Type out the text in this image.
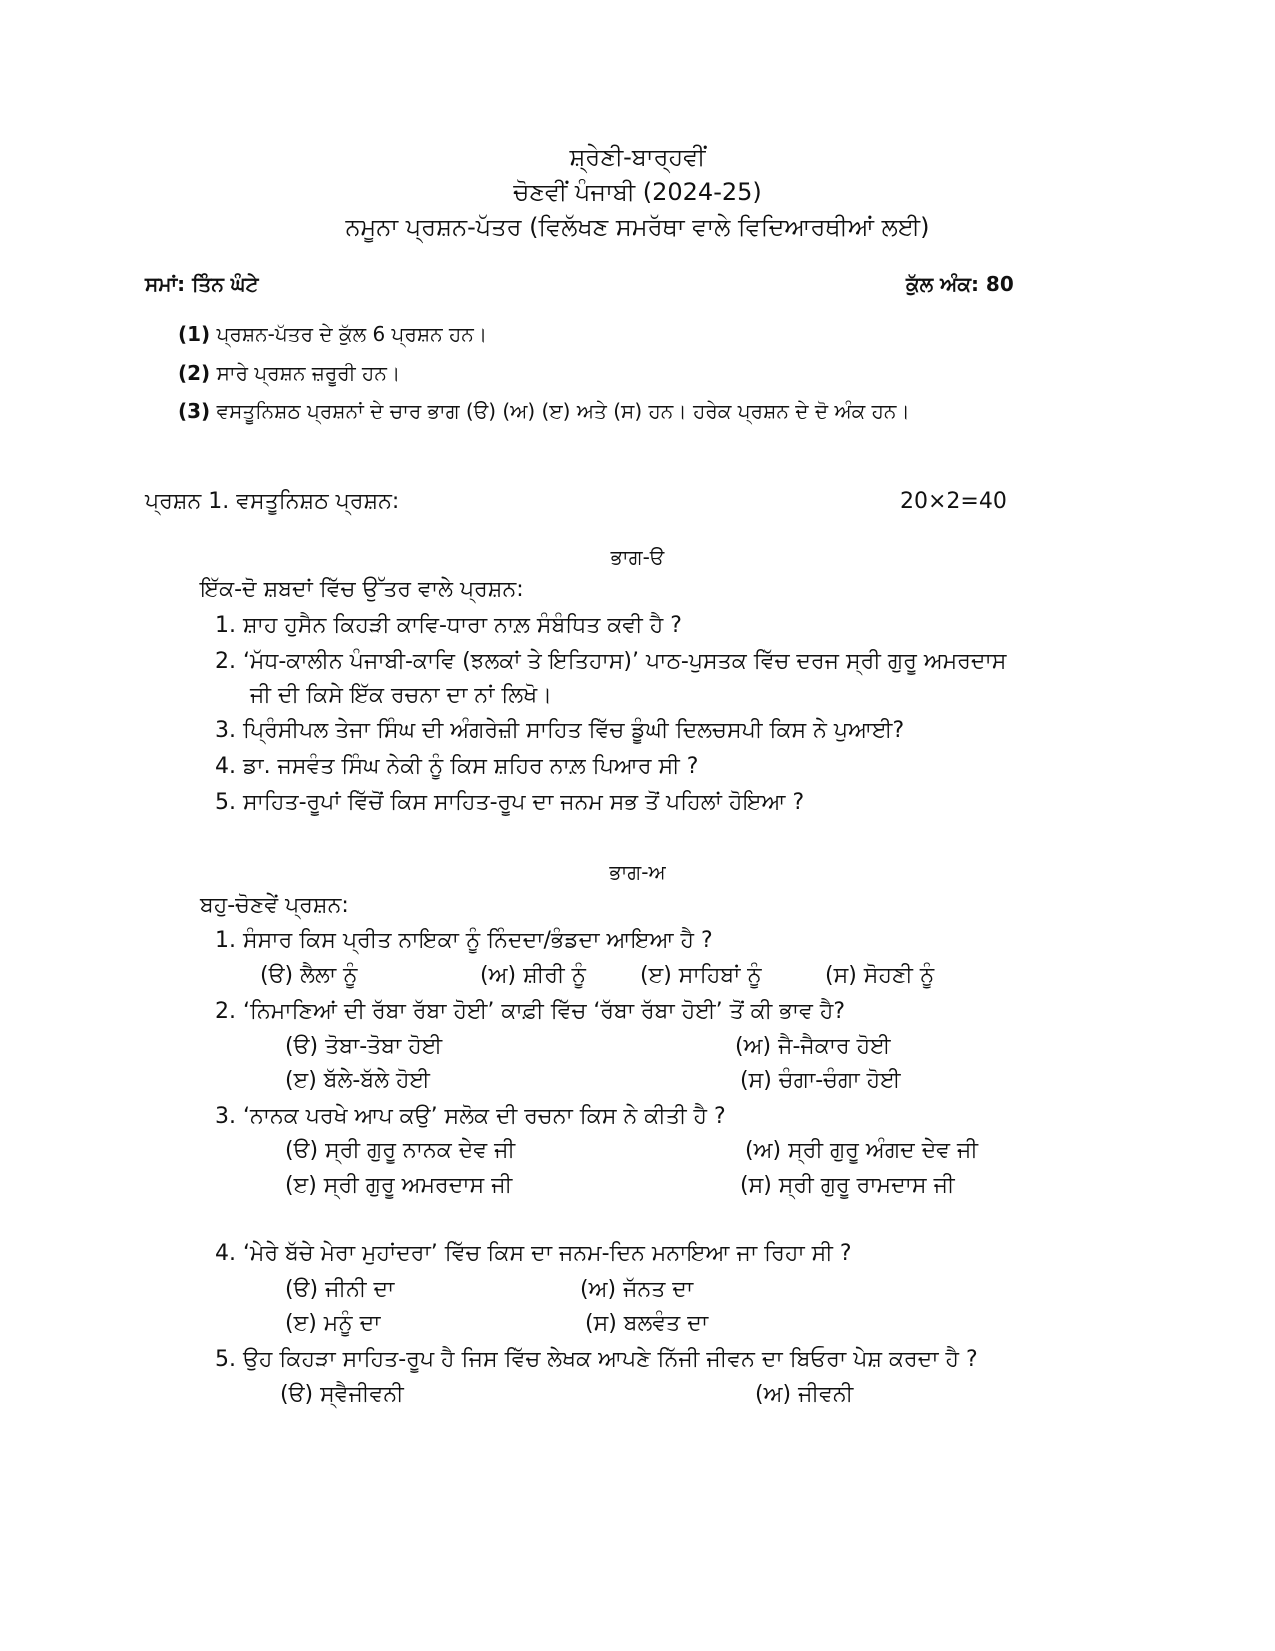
ਸ਼੍ਰੇਣੀ-ਬਾਰ੍ਹਵੀਂ
ਚੋਣਵੀਂ ਪੰਜਾਬੀ (2024-25)
ਨਮੂਨਾ ਪ੍ਰਸ਼ਨ-ਪੱਤਰ (ਵਿਲੱਖਣ ਸਮਰੱਥਾ ਵਾਲੇ ਵਿਦਿਆਰਥੀਆਂ ਲਈ)
ਸਮਾਂ: ਤਿੰਨ ਘੰਟੇ	ਕੁੱਲ ਅੰਕ: 80
(1) ਪ੍ਰਸ਼ਨ-ਪੱਤਰ ਦੇ ਕੁੱਲ 6 ਪ੍ਰਸ਼ਨ ਹਨ।
(2) ਸਾਰੇ ਪ੍ਰਸ਼ਨ ਜ਼ਰੂਰੀ ਹਨ।
(3) ਵਸਤੂਨਿਸ਼ਠ ਪ੍ਰਸ਼ਨਾਂ ਦੇ ਚਾਰ ਭਾਗ (ੳ) (ਅ) (ੲ) ਅਤੇ (ਸ) ਹਨ। ਹਰੇਕ ਪ੍ਰਸ਼ਨ ਦੇ ਦੋ ਅੰਕ ਹਨ।
ਪ੍ਰਸ਼ਨ 1. ਵਸਤੂਨਿਸ਼ਠ ਪ੍ਰਸ਼ਨ:	20×2=40
ਭਾਗ-ੳ
ਇੱਕ-ਦੋ ਸ਼ਬਦਾਂ ਵਿੱਚ ਉੱਤਰ ਵਾਲੇ ਪ੍ਰਸ਼ਨ:
1. ਸ਼ਾਹ ਹੁਸੈਨ ਕਿਹੜੀ ਕਾਵਿ-ਧਾਰਾ ਨਾਲ਼ ਸੰਬੰਧਿਤ ਕਵੀ ਹੈ ?
2. ‘ਮੱਧ-ਕਾਲੀਨ ਪੰਜਾਬੀ-ਕਾਵਿ (ਝਲਕਾਂ ਤੇ ਇਤਿਹਾਸ)’ ਪਾਠ-ਪੁਸਤਕ ਵਿੱਚ ਦਰਜ ਸ੍ਰੀ ਗੁਰੂ ਅਮਰਦਾਸ
ਜੀ ਦੀ ਕਿਸੇ ਇੱਕ ਰਚਨਾ ਦਾ ਨਾਂ ਲਿਖੋ।
3. ਪ੍ਰਿੰਸੀਪਲ ਤੇਜਾ ਸਿੰਘ ਦੀ ਅੰਗਰੇਜ਼ੀ ਸਾਹਿਤ ਵਿੱਚ ਡੂੰਘੀ ਦਿਲਚਸਪੀ ਕਿਸ ਨੇ ਪੁਆਈ?
4. ਡਾ. ਜਸਵੰਤ ਸਿੰਘ ਨੇਕੀ ਨੂੰ ਕਿਸ ਸ਼ਹਿਰ ਨਾਲ਼ ਪਿਆਰ ਸੀ ?
5. ਸਾਹਿਤ-ਰੂਪਾਂ ਵਿੱਚੋਂ ਕਿਸ ਸਾਹਿਤ-ਰੂਪ ਦਾ ਜਨਮ ਸਭ ਤੋਂ ਪਹਿਲਾਂ ਹੋਇਆ ?
ਭਾਗ-ਅ
ਬਹੁ-ਚੋਣਵੇਂ ਪ੍ਰਸ਼ਨ:
1. ਸੰਸਾਰ ਕਿਸ ਪ੍ਰੀਤ ਨਾਇਕਾ ਨੂੰ ਨਿੰਦਦਾ/ਭੰਡਦਾ ਆਇਆ ਹੈ ?
(ੳ) ਲੈਲਾ ਨੂੰ	(ਅ) ਸ਼ੀਰੀ ਨੂੰ (ੲ) ਸਾਹਿਬਾਂ ਨੂੰ	(ਸ) ਸੋਹਣੀ ਨੂੰ
2. ‘ਨਿਮਾਣਿਆਂ ਦੀ ਰੱਬਾ ਰੱਬਾ ਹੋਈ’ ਕਾਫ਼ੀ ਵਿੱਚ ‘ਰੱਬਾ ਰੱਬਾ ਹੋਈ’ ਤੋਂ ਕੀ ਭਾਵ ਹੈ?
(ੳ) ਤੋਬਾ-ਤੋਬਾ ਹੋਈ	(ਅ) ਜੈ-ਜੈਕਾਰ ਹੋਈ
(ੲ) ਬੱਲੇ-ਬੱਲੇ ਹੋਈ	(ਸ) ਚੰਗਾ-ਚੰਗਾ ਹੋਈ
3. ‘ਨਾਨਕ ਪਰਖੇ ਆਪ ਕਉ’ ਸਲੋਕ ਦੀ ਰਚਨਾ ਕਿਸ ਨੇ ਕੀਤੀ ਹੈ ?
(ੳ) ਸ੍ਰੀ ਗੁਰੂ ਨਾਨਕ ਦੇਵ ਜੀ	(ਅ) ਸ੍ਰੀ ਗੁਰੂ ਅੰਗਦ ਦੇਵ ਜੀ
(ੲ) ਸ੍ਰੀ ਗੁਰੂ ਅਮਰਦਾਸ ਜੀ	(ਸ) ਸ੍ਰੀ ਗੁਰੂ ਰਾਮਦਾਸ ਜੀ
4. ‘ਮੇਰੇ ਬੱਚੇ ਮੇਰਾ ਮੁਹਾਂਦਰਾ’ ਵਿੱਚ ਕਿਸ ਦਾ ਜਨਮ-ਦਿਨ ਮਨਾਇਆ ਜਾ ਰਿਹਾ ਸੀ ?
(ੳ) ਜੀਨੀ ਦਾ	(ਅ) ਜੱਨਤ ਦਾ
(ੲ) ਮਨੂੰ ਦਾ	(ਸ) ਬਲਵੰਤ ਦਾ
5. ਉਹ ਕਿਹੜਾ ਸਾਹਿਤ-ਰੂਪ ਹੈ ਜਿਸ ਵਿੱਚ ਲੇਖਕ ਆਪਣੇ ਨਿੱਜੀ ਜੀਵਨ ਦਾ ਬਿਓਰਾ ਪੇਸ਼ ਕਰਦਾ ਹੈ ?
(ੳ) ਸ੍ਵੈਜੀਵਨੀ	(ਅ) ਜੀਵਨੀ
